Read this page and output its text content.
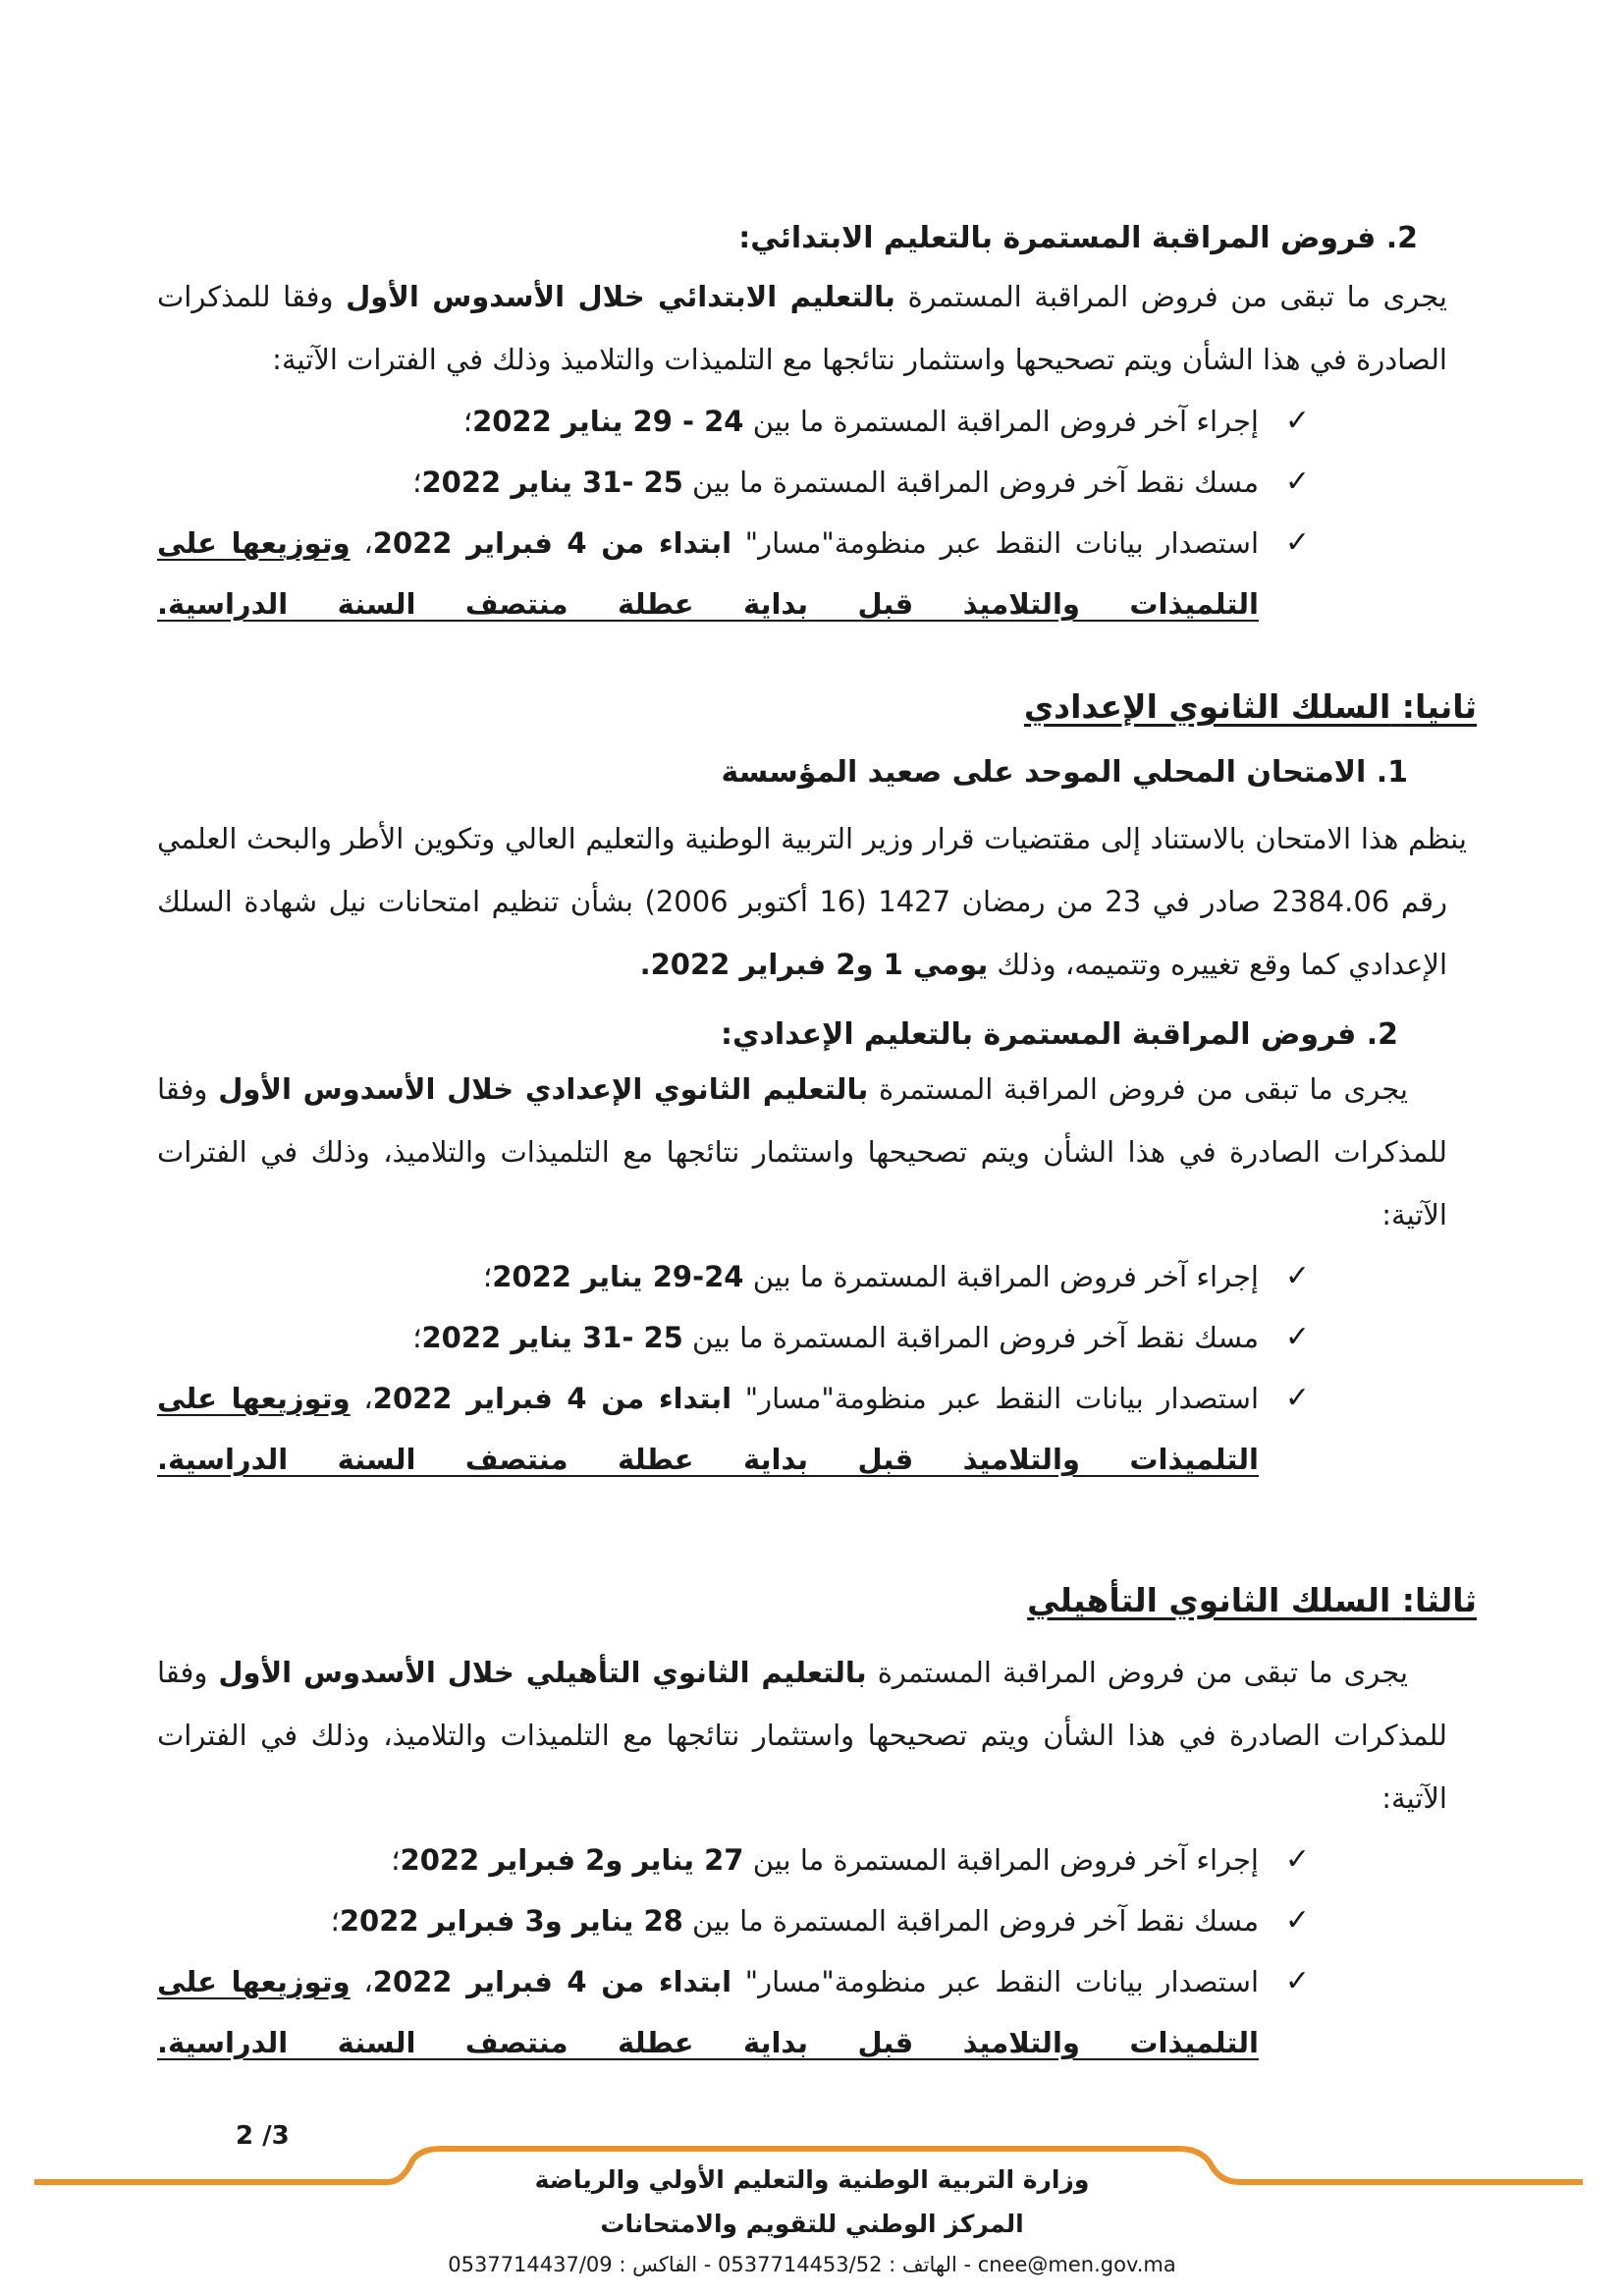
2. فروض المراقبة المستمرة بالتعليم الابتدائي:

يجرى ما تبقى من فروض المراقبة المستمرة بالتعليم الابتدائي خلال الأسدوس الأول وفقا للمذكرات الصادرة في هذا الشأن ويتم تصحيحها واستثمار نتائجها مع التلميذات والتلاميذ وذلك في الفترات الآتية:

✓
إجراء آخر فروض المراقبة المستمرة ما بين 24 - 29 يناير 2022؛
✓
مسك نقط آخر فروض المراقبة المستمرة ما بين 25 -31 يناير 2022؛
✓
استصدار بيانات النقط عبر منظومة"مسار" ابتداء من 4 فبراير 2022، وتوزيعها على التلميذات والتلاميذ قبل بداية عطلة منتصف السنة الدراسية.
ثانيا: السلك الثانوي الإعدادي
1. الامتحان المحلي الموحد على صعيد المؤسسة

ينظم هذا الامتحان بالاستناد إلى مقتضيات قرار وزير التربية الوطنية والتعليم العالي وتكوين الأطر والبحث العلمي رقم 2384.06 صادر في 23 من رمضان 1427 (16 أكتوبر 2006) بشأن تنظيم امتحانات نيل شهادة السلك الإعدادي كما وقع تغييره وتتميمه، وذلك يومي 1 و2 فبراير 2022.

2. فروض المراقبة المستمرة بالتعليم الإعدادي:

يجرى ما تبقى من فروض المراقبة المستمرة بالتعليم الثانوي الإعدادي خلال الأسدوس الأول وفقا للمذكرات الصادرة في هذا الشأن ويتم تصحيحها واستثمار نتائجها مع التلميذات والتلاميذ، وذلك في الفترات الآتية:

✓
إجراء آخر فروض المراقبة المستمرة ما بين 24-29 يناير 2022؛
✓
مسك نقط آخر فروض المراقبة المستمرة ما بين 25 -31 يناير 2022؛
✓
استصدار بيانات النقط عبر منظومة"مسار" ابتداء من 4 فبراير 2022، وتوزيعها على التلميذات والتلاميذ قبل بداية عطلة منتصف السنة الدراسية.
ثالثا: السلك الثانوي التأهيلي

يجرى ما تبقى من فروض المراقبة المستمرة بالتعليم الثانوي التأهيلي خلال الأسدوس الأول وفقا للمذكرات الصادرة في هذا الشأن ويتم تصحيحها واستثمار نتائجها مع التلميذات والتلاميذ، وذلك في الفترات الآتية:

✓
إجراء آخر فروض المراقبة المستمرة ما بين 27 يناير و2 فبراير 2022؛
✓
مسك نقط آخر فروض المراقبة المستمرة ما بين 28 يناير و3 فبراير 2022؛
✓
استصدار بيانات النقط عبر منظومة"مسار" ابتداء من 4 فبراير 2022، وتوزيعها على التلميذات والتلاميذ قبل بداية عطلة منتصف السنة الدراسية.
2 /3
وزارة التربية الوطنية والتعليم الأولي والرياضة
المركز الوطني للتقويم والامتحانات
الهاتف : 0537714453/52 - الفاكس : 0537714437/09 - cnee@men.gov.ma
